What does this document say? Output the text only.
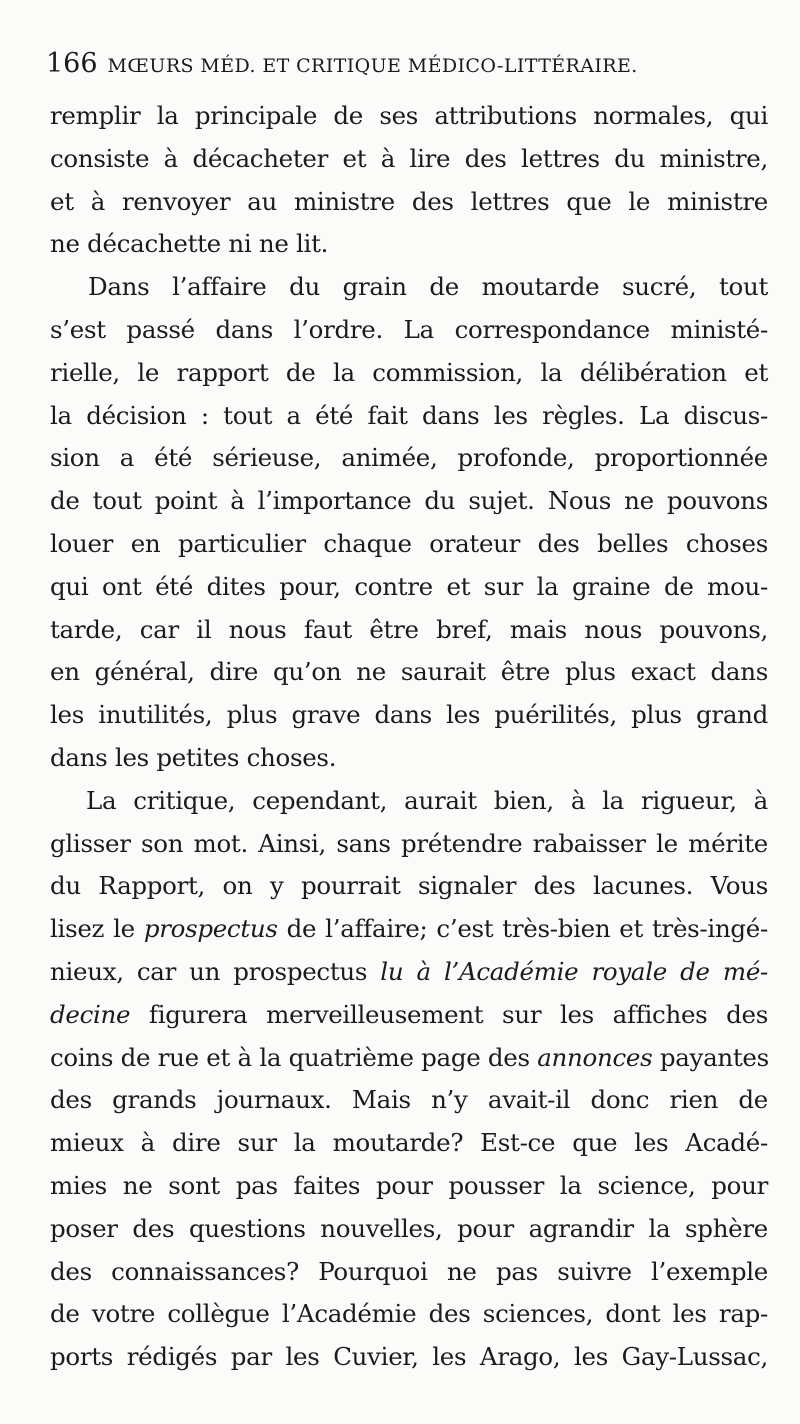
166 MŒURS MÉD. ET CRITIQUE MÉDICO-LITTÉRAIRE.
remplir la principale de ses attributions normales, qui
consiste à décacheter et à lire des lettres du ministre,
et à renvoyer au ministre des lettres que le ministre
ne décachette ni ne lit.
Dans l’affaire du grain de moutarde sucré, tout
s’est passé dans l’ordre. La correspondance ministé-
rielle, le rapport de la commission, la délibération et
la décision : tout a été fait dans les règles. La discus-
sion a été sérieuse, animée, profonde, proportionnée
de tout point à l’importance du sujet. Nous ne pouvons
louer en particulier chaque orateur des belles choses
qui ont été dites pour, contre et sur la graine de mou-
tarde, car il nous faut être bref, mais nous pouvons,
en général, dire qu’on ne saurait être plus exact dans
les inutilités, plus grave dans les puérilités, plus grand
dans les petites choses.
La critique, cependant, aurait bien, à la rigueur, à
glisser son mot. Ainsi, sans prétendre rabaisser le mérite
du Rapport, on y pourrait signaler des lacunes. Vous
lisez le prospectus de l’affaire; c’est très-bien et très-ingé-
nieux, car un prospectus lu à l’Académie royale de mé-
decine figurera merveilleusement sur les affiches des
coins de rue et à la quatrième page des annonces payantes
des grands journaux. Mais n’y avait-il donc rien de
mieux à dire sur la moutarde? Est-ce que les Acadé-
mies ne sont pas faites pour pousser la science, pour
poser des questions nouvelles, pour agrandir la sphère
des connaissances? Pourquoi ne pas suivre l’exemple
de votre collègue l’Académie des sciences, dont les rap-
ports rédigés par les Cuvier, les Arago, les Gay-Lussac,
